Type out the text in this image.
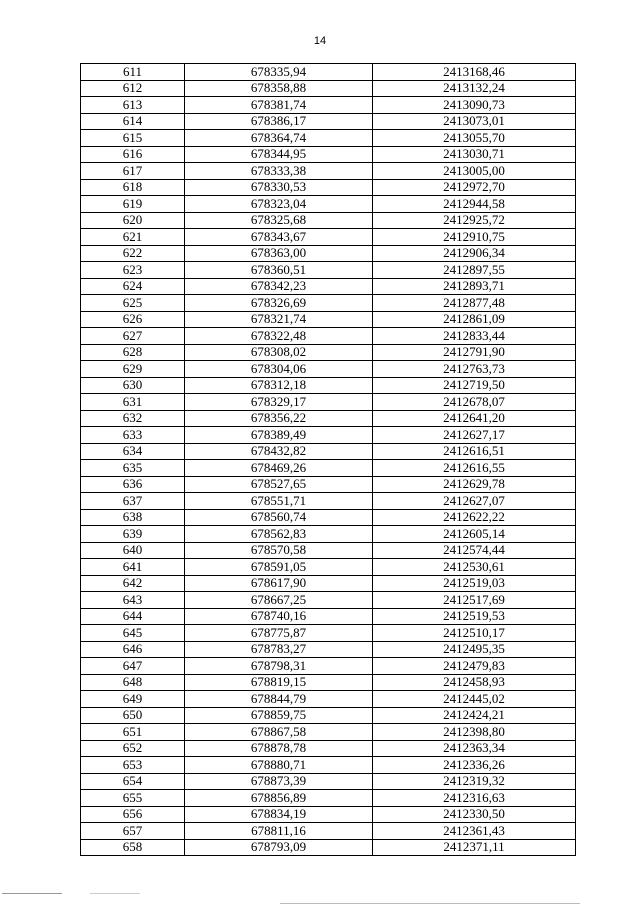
14
611	678335,94	2413168,46
612	678358,88	2413132,24
613	678381,74	2413090,73
614	678386,17	2413073,01
615	678364,74	2413055,70
616	678344,95	2413030,71
617	678333,38	2413005,00
618	678330,53	2412972,70
619	678323,04	2412944,58
620	678325,68	2412925,72
621	678343,67	2412910,75
622	678363,00	2412906,34
623	678360,51	2412897,55
624	678342,23	2412893,71
625	678326,69	2412877,48
626	678321,74	2412861,09
627	678322,48	2412833,44
628	678308,02	2412791,90
629	678304,06	2412763,73
630	678312,18	2412719,50
631	678329,17	2412678,07
632	678356,22	2412641,20
633	678389,49	2412627,17
634	678432,82	2412616,51
635	678469,26	2412616,55
636	678527,65	2412629,78
637	678551,71	2412627,07
638	678560,74	2412622,22
639	678562,83	2412605,14
640	678570,58	2412574,44
641	678591,05	2412530,61
642	678617,90	2412519,03
643	678667,25	2412517,69
644	678740,16	2412519,53
645	678775,87	2412510,17
646	678783,27	2412495,35
647	678798,31	2412479,83
648	678819,15	2412458,93
649	678844,79	2412445,02
650	678859,75	2412424,21
651	678867,58	2412398,80
652	678878,78	2412363,34
653	678880,71	2412336,26
654	678873,39	2412319,32
655	678856,89	2412316,63
656	678834,19	2412330,50
657	678811,16	2412361,43
658	678793,09	2412371,11
